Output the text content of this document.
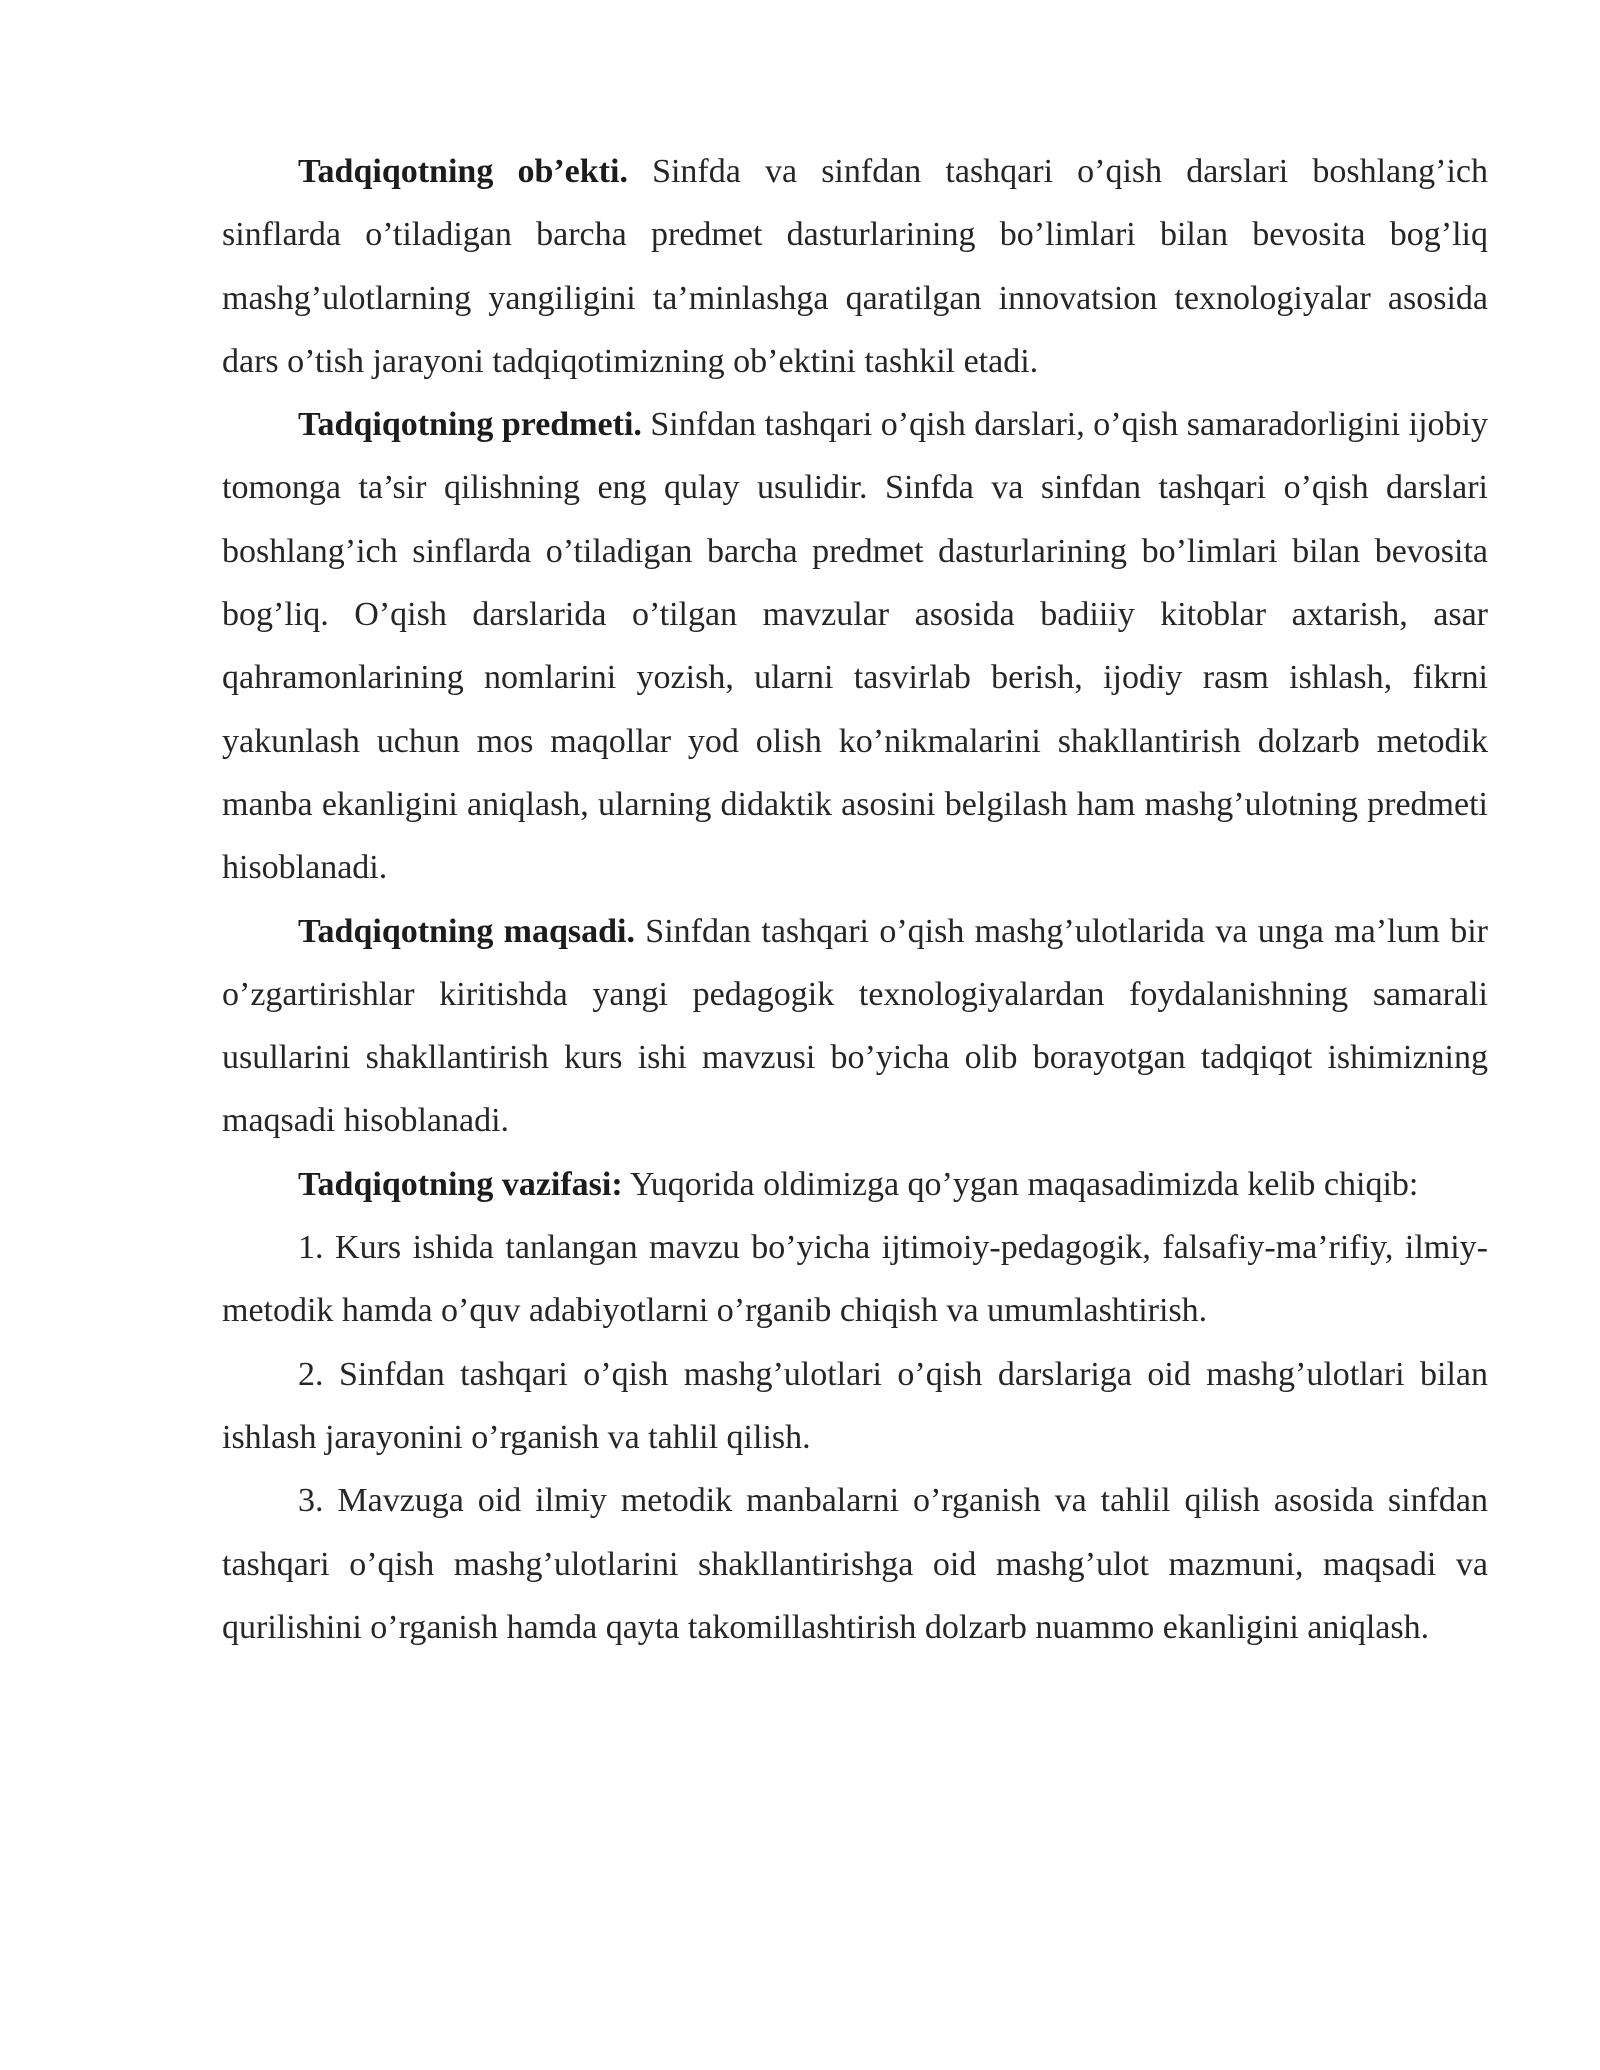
Tadqiqotning ob’ekti. Sinfda va sinfdan tashqari o’qish darslari boshlang’ich sinflarda o’tiladigan barcha predmet dasturlarining bo’limlari bilan bevosita bog’liq mashg’ulotlarning yangiligini ta’minlashga qaratilgan innovatsion texnologiyalar asosida dars o’tish jarayoni tadqiqotimizning ob’ektini tashkil etadi.

Tadqiqotning predmeti. Sinfdan tashqari o’qish darslari, o’qish samaradorligini ijobiy tomonga ta’sir qilishning eng qulay usulidir. Sinfda va sinfdan tashqari o’qish darslari boshlang’ich sinflarda o’tiladigan barcha predmet dasturlarining bo’limlari bilan bevosita bog’liq. O’qish darslarida o’tilgan mavzular asosida badiiiy kitoblar axtarish, asar qahramonlarining nomlarini yozish, ularni tasvirlab berish, ijodiy rasm ishlash, fikrni yakunlash uchun mos maqollar yod olish ko’nikmalarini shakllantirish dolzarb metodik manba ekanligini aniqlash, ularning didaktik asosini belgilash ham mashg’ulotning predmeti hisoblanadi.

Tadqiqotning maqsadi. Sinfdan tashqari o’qish mashg’ulotlarida va unga ma’lum bir o’zgartirishlar kiritishda yangi pedagogik texnologiyalardan foydalanishning samarali usullarini shakllantirish kurs ishi mavzusi bo’yicha olib borayotgan tadqiqot ishimizning maqsadi hisoblanadi.

Tadqiqotning vazifasi: Yuqorida oldimizga qo’ygan maqasadimizda kelib chiqib:

1. Kurs ishida tanlangan mavzu bo’yicha ijtimoiy-pedagogik, falsafiy-ma’rifiy, ilmiy-metodik hamda o’quv adabiyotlarni o’rganib chiqish va umumlashtirish.

2. Sinfdan tashqari o’qish mashg’ulotlari o’qish darslariga oid mashg’ulotlari bilan ishlash jarayonini o’rganish va tahlil qilish.

3. Mavzuga oid ilmiy metodik manbalarni o’rganish va tahlil qilish asosida sinfdan tashqari o’qish mashg’ulotlarini shakllantirishga oid mashg’ulot mazmuni, maqsadi va qurilishini o’rganish hamda qayta takomillashtirish dolzarb nuammo ekanligini aniqlash.
